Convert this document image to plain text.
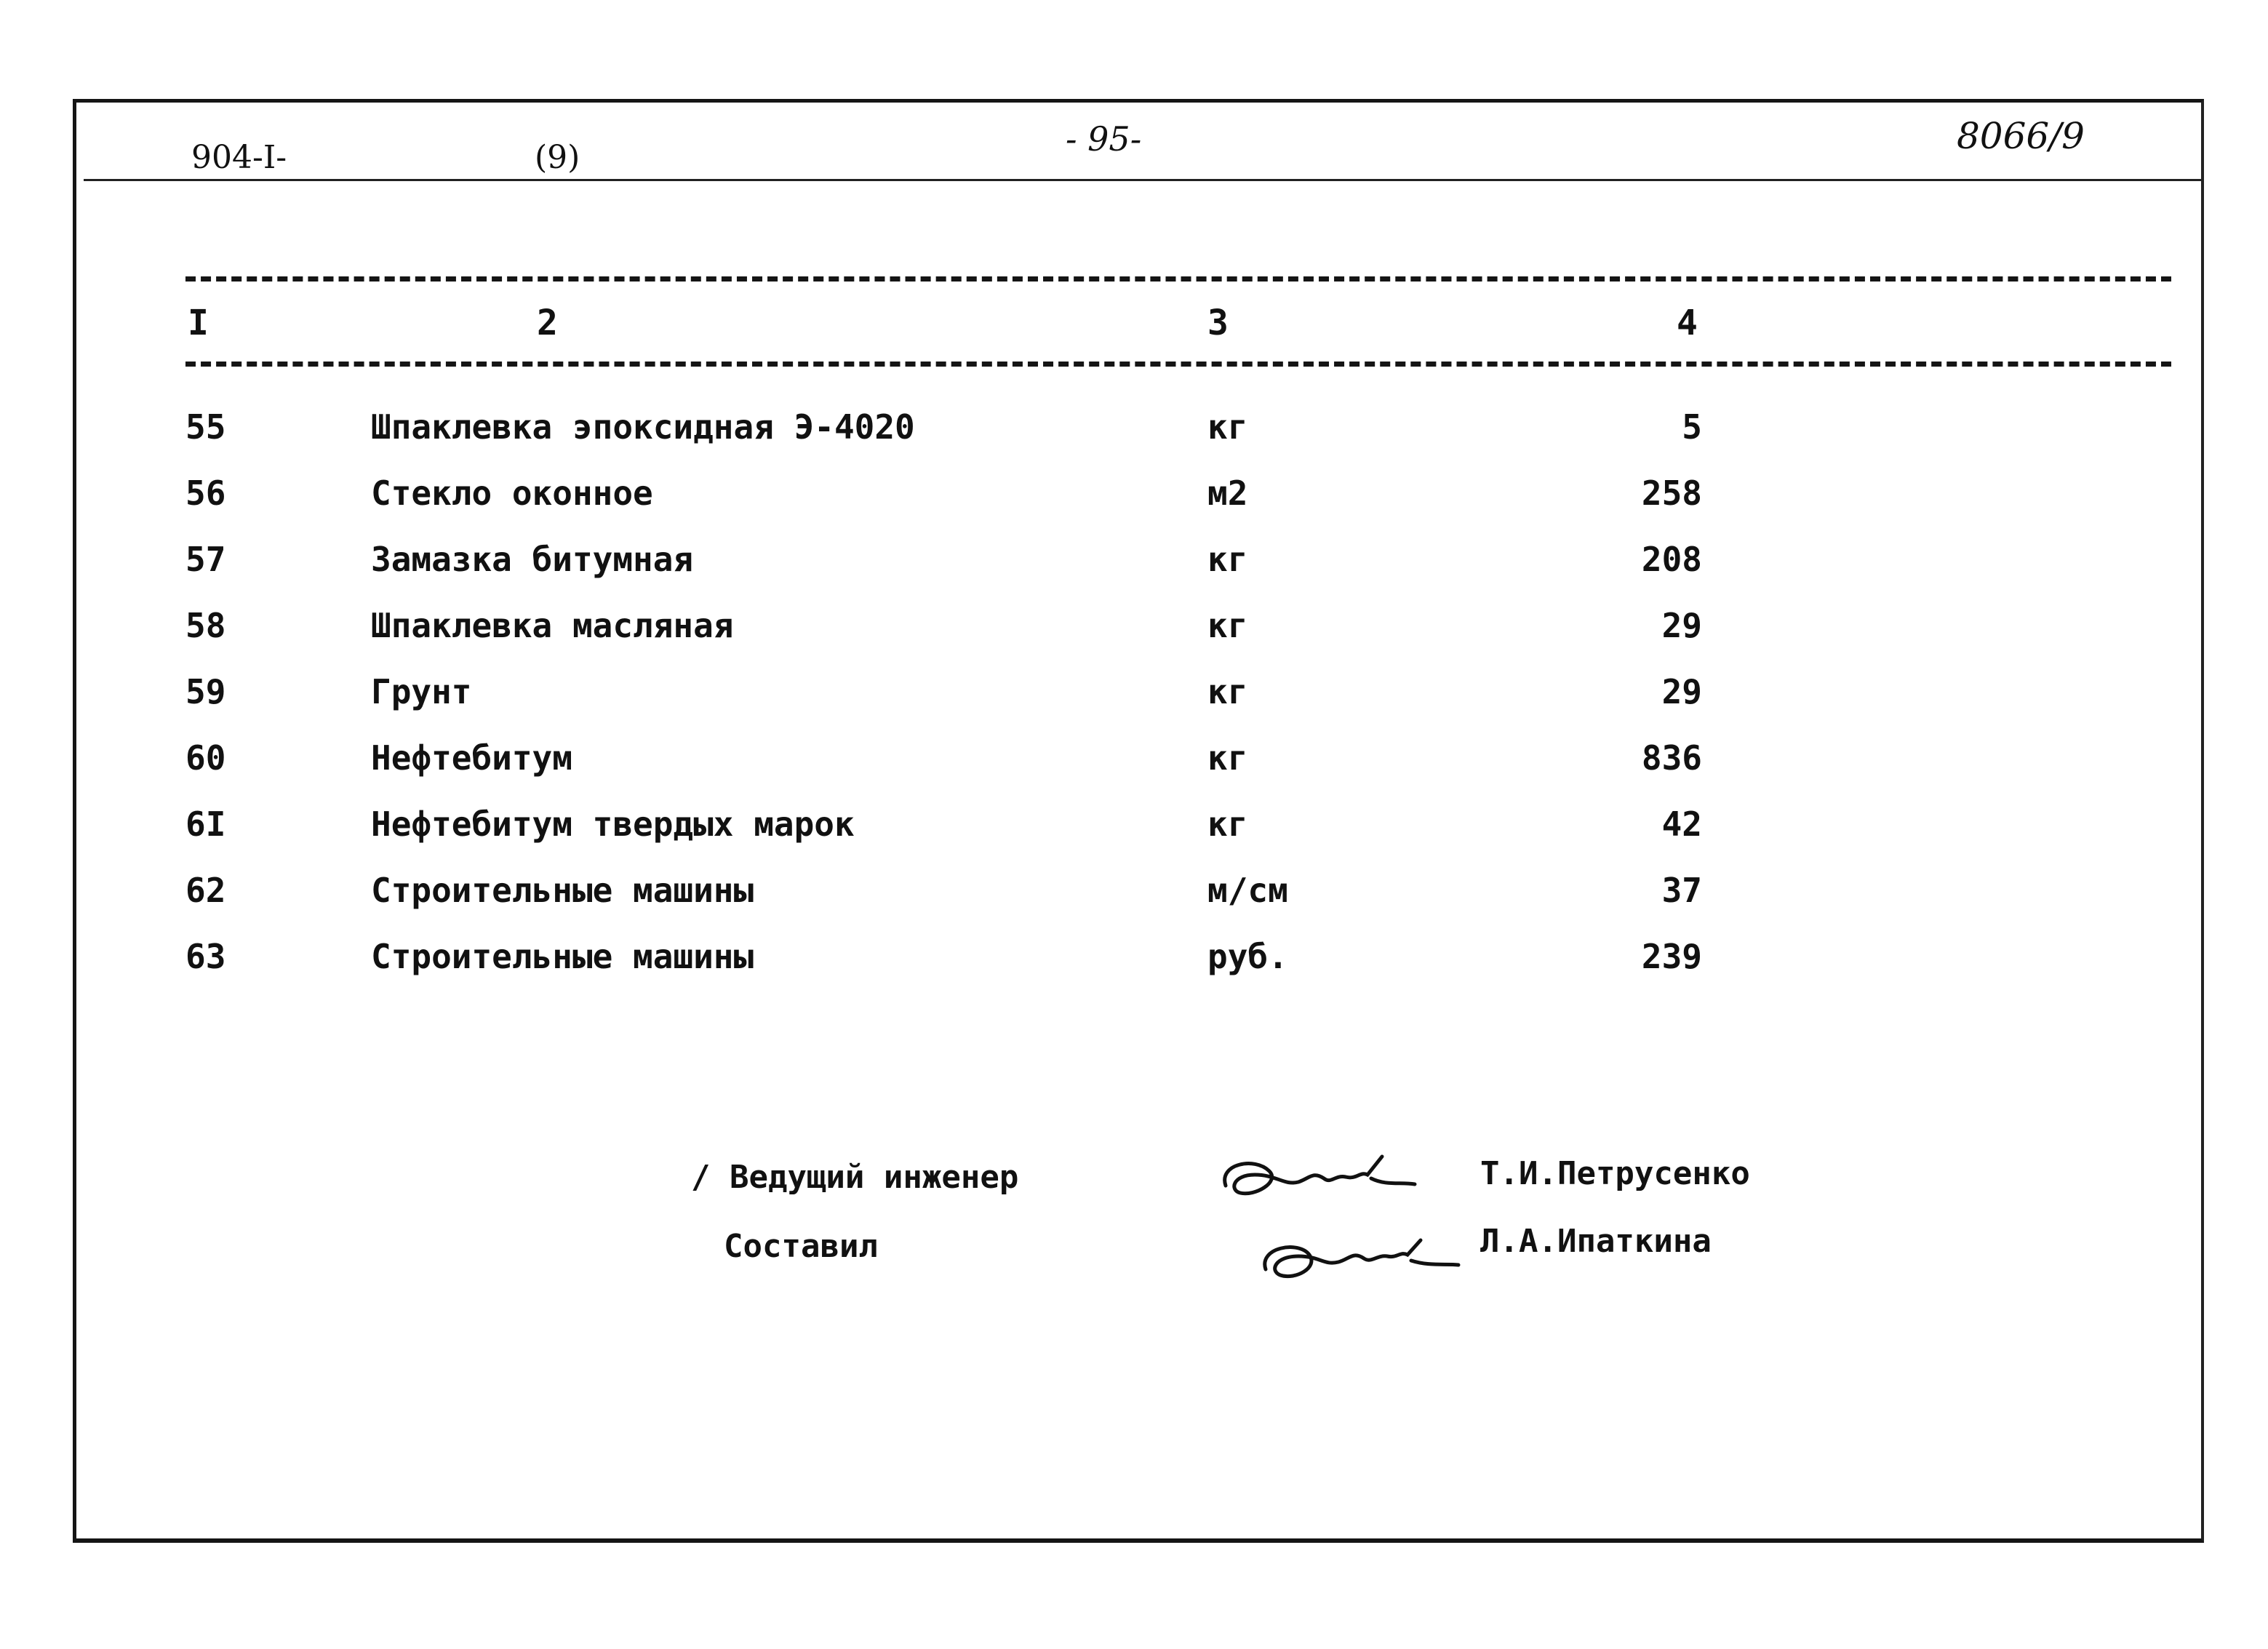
904-I-	(9)	- 95-	8066/9
I	2	3	4
55	Шпаклевка эпоксидная Э-4020	кг	5
56	Стекло оконное	м2	258
57	Замазка битумная	кг	208
58	Шпаклевка масляная	кг	29
59	Грунт	кг	29
60	Нефтебитум	кг	836
6I	Нефтебитум твердых марок	кг	42
62	Строительные машины	м/см	37
63	Строительные машины	руб.	239
/ Ведущий инженер	Т.И.Петрусенко
Составил	Л.А.Ипаткина
